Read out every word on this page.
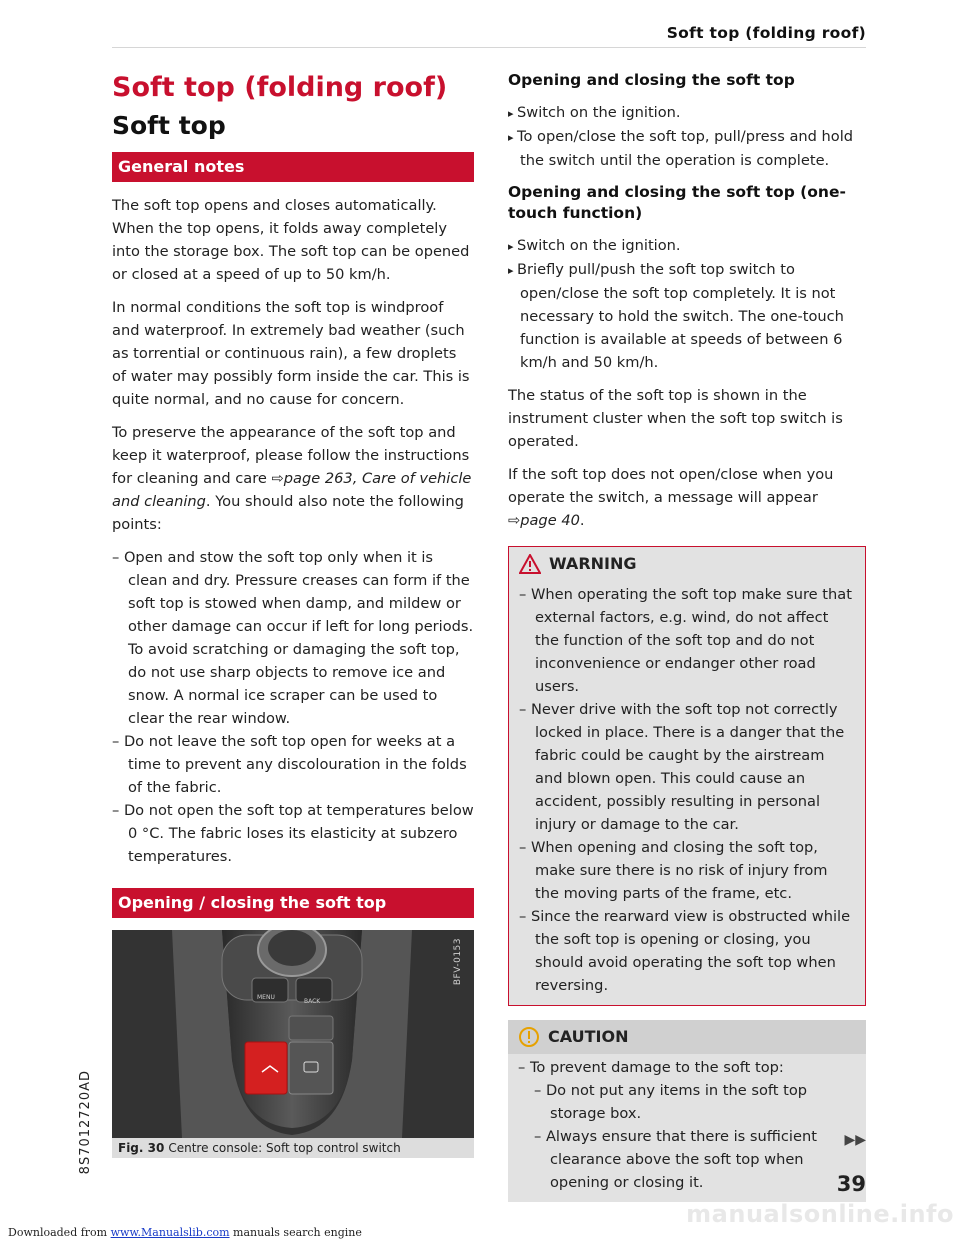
Soft top (folding roof)
Soft top (folding roof)
Soft top
General notes

The soft top opens and closes automatically. When the top opens, it folds away completely into the storage box. The soft top can be opened or closed at a speed of up to 50 km/h.

In normal conditions the soft top is windproof and waterproof. In extremely bad weather (such as torrential or continuous rain), a few droplets of water may possibly form inside the car. This is quite normal, and no cause for concern.

To preserve the appearance of the soft top and keep it waterproof, please follow the instructions for cleaning and care ⇨page 263, Care of vehicle and cleaning. You should also note the following points:

– Open and stow the soft top only when it is clean and dry. Pressure creases can form if the soft top is stowed when damp, and mildew or other damage can occur if left for long periods. To avoid scratching or damaging the soft top, do not use sharp objects to remove ice and snow. A normal ice scraper can be used to clear the rear window.
– Do not leave the soft top open for weeks at a time to prevent any discolouration in the folds of the fabric.
– Do not open the soft top at temperatures below 0 °C. The fabric loses its elasticity at subzero temperatures.
Opening / closing the soft top
MENU
BACK
BFV-0153
Fig. 30 Centre console: Soft top control switch
Opening and closing the soft top
▸ Switch on the ignition.
▸ To open/close the soft top, pull/press and hold the switch until the operation is complete.
Opening and closing the soft top (one-touch function)
▸ Switch on the ignition.
▸ Briefly pull/push the soft top switch to open/close the soft top completely. It is not necessary to hold the switch. The one-touch function is available at speeds of between 6 km/h and 50 km/h.

The status of the soft top is shown in the instrument cluster when the soft top switch is operated.

If the soft top does not open/close when you operate the switch, a message will appear ⇨page 40.

WARNING
– When operating the soft top make sure that external factors, e.g. wind, do not affect the function of the soft top and do not inconvenience or endanger other road users.
– Never drive with the soft top not correctly locked in place. There is a danger that the fabric could be caught by the airstream and blown open. This could cause an accident, possibly resulting in personal injury or damage to the car.
– When opening and closing the soft top, make sure there is no risk of injury from the moving parts of the frame, etc.
– Since the rearward view is obstructed while the soft top is opening or closing, you should avoid operating the soft top when reversing.
CAUTION
– To prevent damage to the soft top:
– Do not put any items in the soft top storage box.
– Always ensure that there is sufficient clearance above the soft top when opening or closing it.
▶▶
39
8S7012720AD
manualsonline.info
Downloaded from www.Manualslib.com manuals search engine
